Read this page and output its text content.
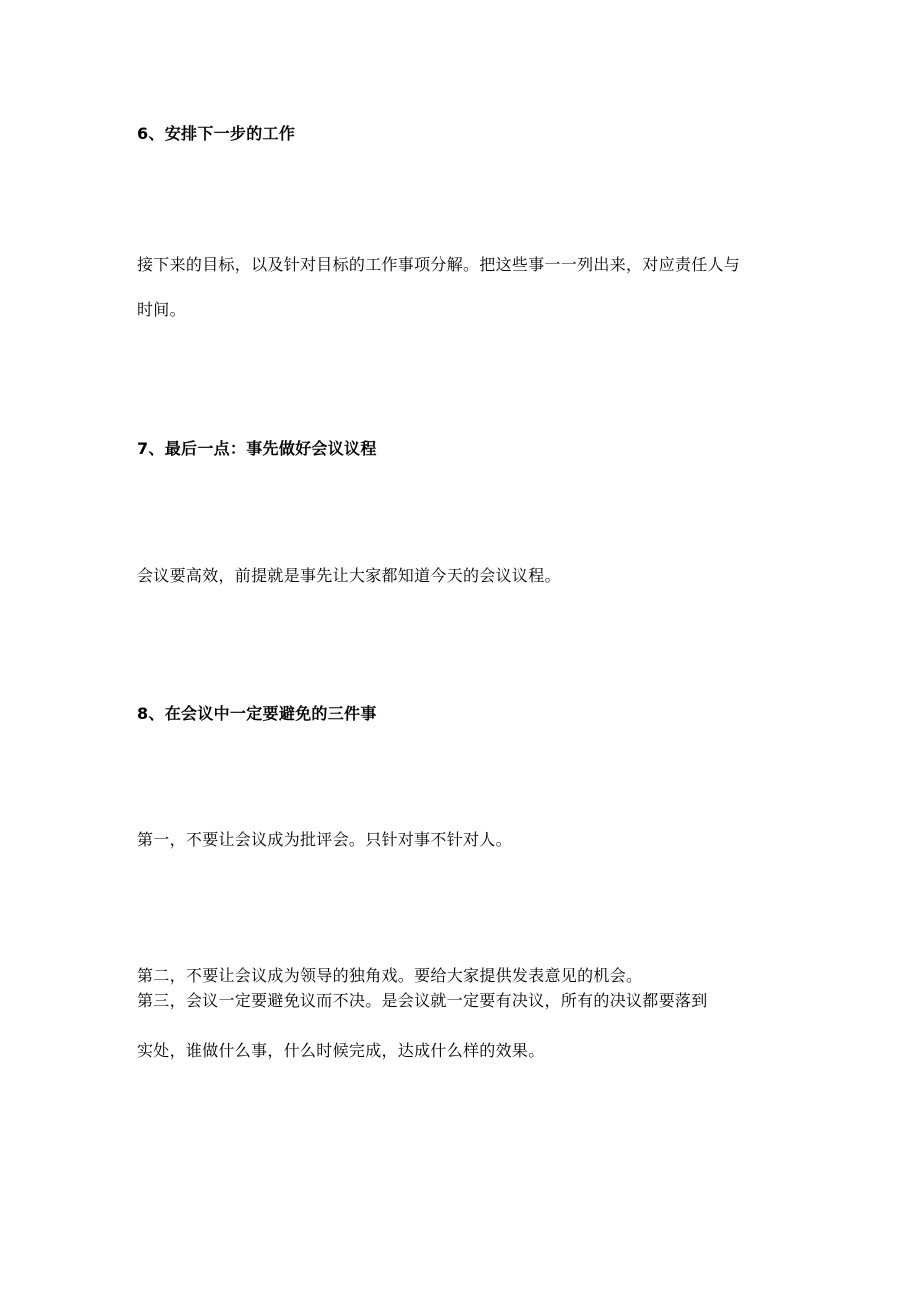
6、安排下一步的工作
接下来的目标，以及针对目标的工作事项分解。把这些事一一列出来，对应责任人与
时间。
7、最后一点：事先做好会议议程
会议要高效，前提就是事先让大家都知道今天的会议议程。
8、在会议中一定要避免的三件事
第一，不要让会议成为批评会。只针对事不针对人。
第二，不要让会议成为领导的独角戏。要给大家提供发表意见的机会。
第三，会议一定要避免议而不决。是会议就一定要有决议，所有的决议都要落到
实处，谁做什么事，什么时候完成，达成什么样的效果。
